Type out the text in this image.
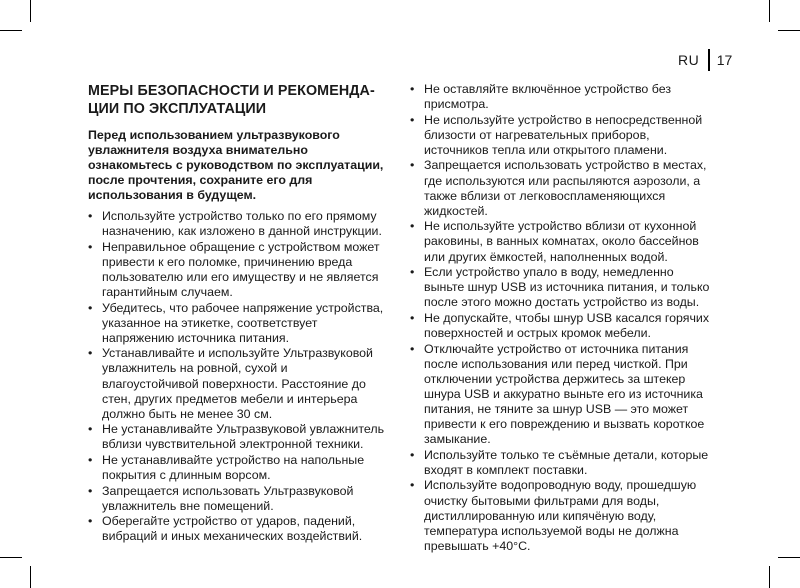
RU 17
МЕРЫ БЕЗОПАСНОСТИ И РЕКОМЕНДА-
ЦИИ ПО ЭКСПЛУАТАЦИИ

Перед использованием ультразвукового увлажнителя воздуха внимательно ознакомьтесь с руководством по эксплуатации, после прочтения, сохраните его для использования в будущем.

• Используйте устройство только по его прямому назначению, как изложено в данной инструкции.
• Неправильное обращение с устройством может привести к его поломке, причинению вреда пользователю или его имуществу и не является гарантийным случаем.
• Убедитесь, что рабочее напряжение устройства, указанное на этикетке, соответствует напряжению источника питания.
• Устанавливайте и используйте Ультразвуковой увлажнитель на ровной, сухой и влагоустойчивой поверхности. Расстояние до стен, других предметов мебели и интерьера должно быть не менее 30 см.
• Не устанавливайте Ультразвуковой увлажнитель вблизи чувствительной электронной техники.
• Не устанавливайте устройство на напольные покрытия с длинным ворсом.
• Запрещается использовать Ультразвуковой увлажнитель вне помещений.
• Оберегайте устройство от ударов, падений, вибраций и иных механических воздействий.
• Не оставляйте включённое устройство без присмотра.
• Не используйте устройство в непосредственной близости от нагревательных приборов, источников тепла или открытого пламени.
• Запрещается использовать устройство в местах, где используются или распыляются аэрозоли, а также вблизи от легковоспламеняющихся жидкостей.
• Не используйте устройство вблизи от кухонной раковины, в ванных комнатах, около бассейнов или других ёмкостей, наполненных водой.
• Если устройство упало в воду, немедленно выньте шнур USB из источника питания, и только после этого можно достать устройство из воды.
• Не допускайте, чтобы шнур USB касался горячих поверхностей и острых кромок мебели.
• Отключайте устройство от источника питания после использования или перед чисткой. При отключении устройства держитесь за штекер шнура USB и аккуратно выньте его из источника питания, не тяните за шнур USB — это может привести к его повреждению и вызвать короткое замыкание.
• Используйте только те съёмные детали, которые входят в комплект поставки.
• Используйте водопроводную воду, прошедшую очистку бытовыми фильтрами для воды, дистиллированную или кипячёную воду, температура используемой воды не должна превышать +40°C.
